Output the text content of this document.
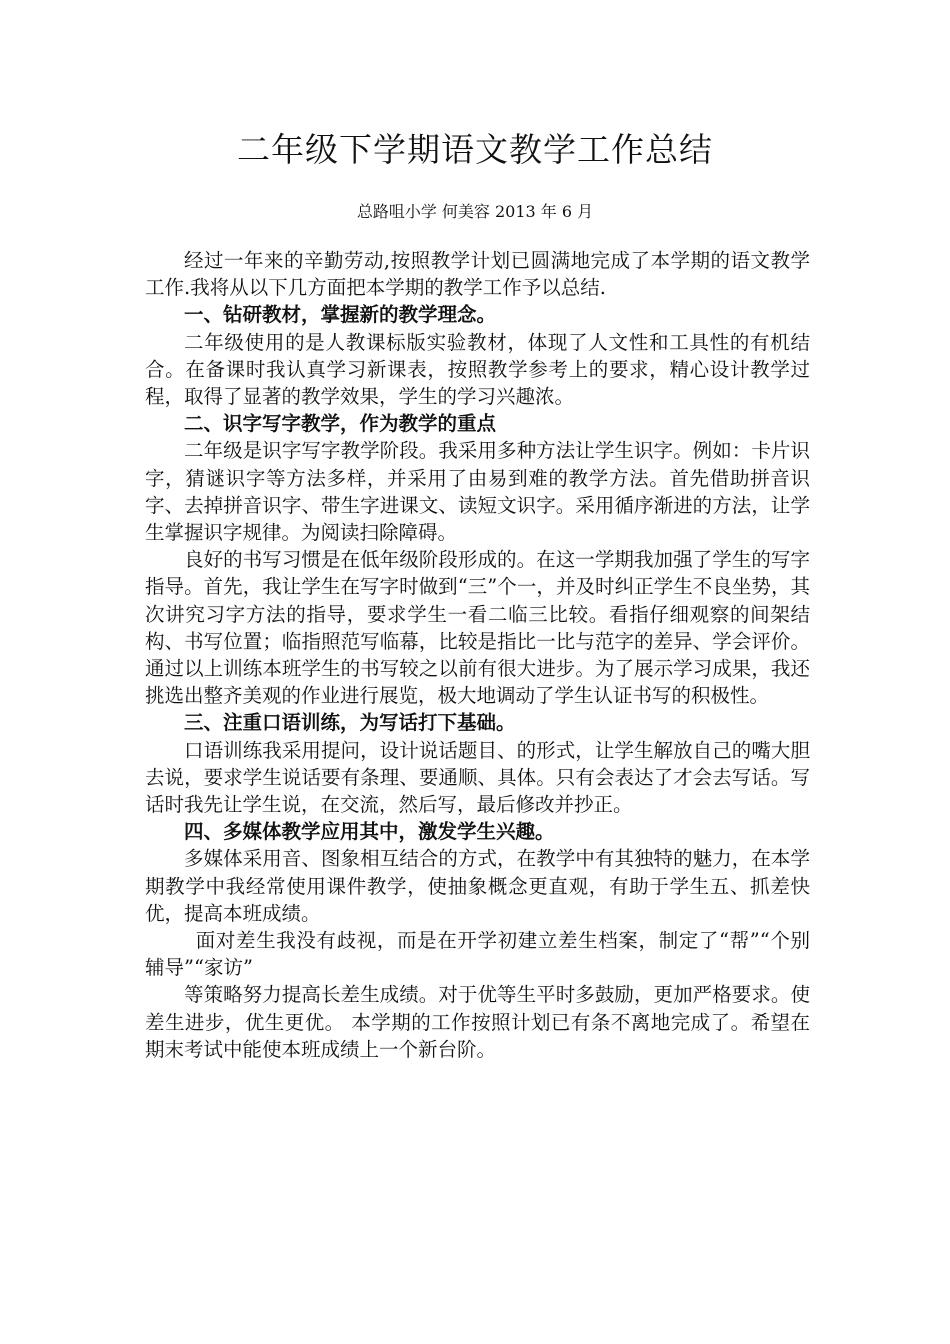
二年级下学期语文教学工作总结
总路咀小学 何美容 2013 年 6 月

经过一年来的辛勤劳动,按照教学计划已圆满地完成了本学期的语文教学工作.我将从以下几方面把本学期的教学工作予以总结.

一、钻研教材，掌握新的教学理念。

二年级使用的是人教课标版实验教材，体现了人文性和工具性的有机结合。在备课时我认真学习新课表，按照教学参考上的要求，精心设计教学过程，取得了显著的教学效果，学生的学习兴趣浓。

二、识字写字教学，作为教学的重点

二年级是识字写字教学阶段。我采用多种方法让学生识字。例如：卡片识字，猜谜识字等方法多样，并采用了由易到难的教学方法。首先借助拼音识字、去掉拼音识字、带生字进课文、读短文识字。采用循序渐进的方法，让学生掌握识字规律。为阅读扫除障碍。

良好的书写习惯是在低年级阶段形成的。在这一学期我加强了学生的写字指导。首先，我让学生在写字时做到“三”个一，并及时纠正学生不良坐势，其次讲究习字方法的指导，要求学生一看二临三比较。看指仔细观察的间架结构、书写位置；临指照范写临幕，比较是指比一比与范字的差异、学会评价。通过以上训练本班学生的书写较之以前有很大进步。为了展示学习成果，我还挑选出整齐美观的作业进行展览，极大地调动了学生认证书写的积极性。

三、注重口语训练，为写话打下基础。

口语训练我采用提问，设计说话题目、的形式，让学生解放自己的嘴大胆去说，要求学生说话要有条理、要通顺、具体。只有会表达了才会去写话。写话时我先让学生说，在交流，然后写，最后修改并抄正。

四、多媒体教学应用其中，激发学生兴趣。

多媒体采用音、图象相互结合的方式，在教学中有其独特的魅力，在本学期教学中我经常使用课件教学，使抽象概念更直观，有助于学生五、抓差快优，提高本班成绩。

面对差生我没有歧视，而是在开学初建立差生档案，制定了“帮”“个别辅导”“家访”

等策略努力提高长差生成绩。对于优等生平时多鼓励，更加严格要求。使差生进步，优生更优。 本学期的工作按照计划已有条不离地完成了。希望在期末考试中能使本班成绩上一个新台阶。
